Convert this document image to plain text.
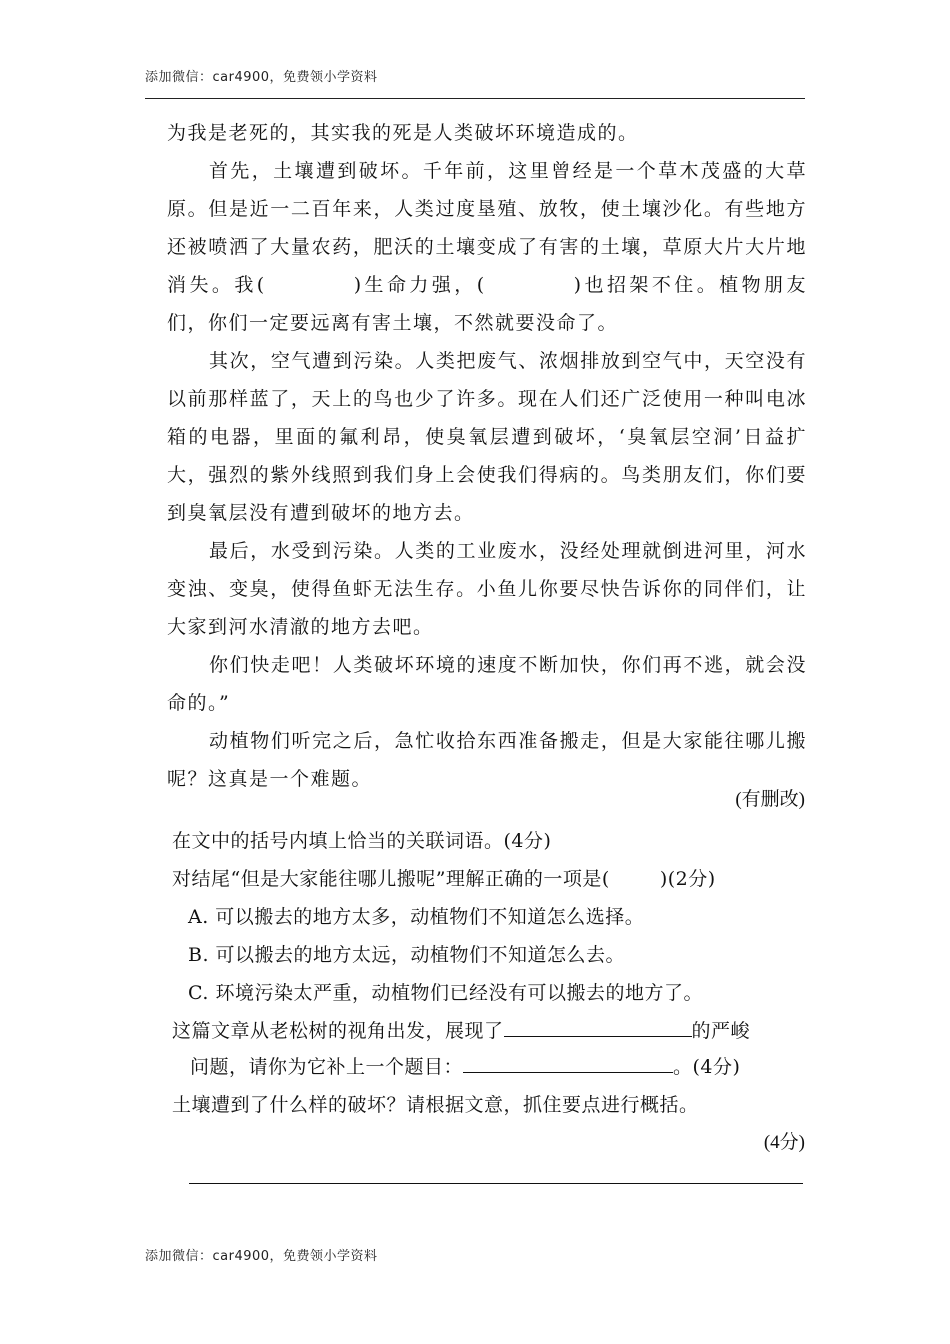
添加微信：car4900，免费领小学资料

为我是老死的，其实我的死是人类破坏环境造成的。

首先，土壤遭到破坏。千年前，这里曾经是一个草木茂盛的大草原。但是近一二百年来，人类过度垦殖、放牧，使土壤沙化。有些地方还被喷洒了大量农药，肥沃的土壤变成了有害的土壤，草原大片大片地消失。我(	)生命力强，(	)也招架不住。植物朋友们，你们一定要远离有害土壤，不然就要没命了。

其次，空气遭到污染。人类把废气、浓烟排放到空气中，天空没有以前那样蓝了，天上的鸟也少了许多。现在人们还广泛使用一种叫电冰箱的电器，里面的氟利昂，使臭氧层遭到破坏，‘臭氧层空洞’日益扩大，强烈的紫外线照到我们身上会使我们得病的。鸟类朋友们，你们要到臭氧层没有遭到破坏的地方去。

最后，水受到污染。人类的工业废水，没经处理就倒进河里，河水变浊、变臭，使得鱼虾无法生存。小鱼儿你要尽快告诉你的同伴们，让大家到河水清澈的地方去吧。

你们快走吧！人类破坏环境的速度不断加快，你们再不逃，就会没命的。”

动植物们听完之后，急忙收拾东西准备搬走，但是大家能往哪儿搬呢？这真是一个难题。

(有删改)
在文中的括号内填上恰当的关联词语。(4分)
对结尾“但是大家能往哪儿搬呢”理解正确的一项是(	)(2分)
A. 可以搬去的地方太多，动植物们不知道怎么选择。
B. 可以搬去的地方太远，动植物们不知道怎么去。
C. 环境污染太严重，动植物们已经没有可以搬去的地方了。
这篇文章从老松树的视角出发，展现了	的严峻
问题，请你为它补上一个题目：	。(4分)
土壤遭到了什么样的破坏？请根据文意，抓住要点进行概括。
(4分)
添加微信：car4900，免费领小学资料
